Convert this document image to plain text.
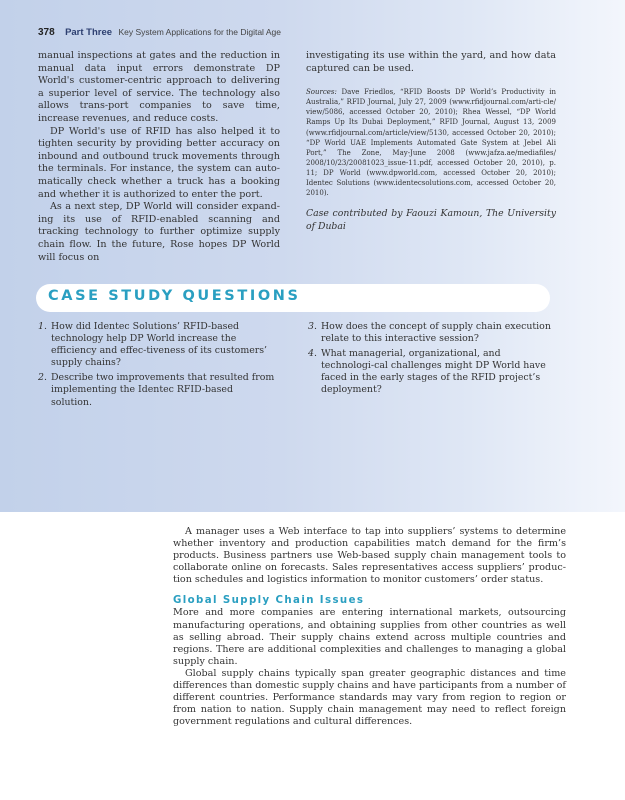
378 Part Three Key System Applications for the Digital Age

manual inspections at gates and the reduction in manual data input errors demonstrate DP World's customer-centric approach to delivering a superior level of service. The technology also allows trans-port companies to save time, increase revenues, and reduce costs.

DP World's use of RFID has also helped it to tighten security by providing better accuracy on inbound and outbound truck movements through the terminals. For instance, the system can auto-matically check whether a truck has a booking and whether it is authorized to enter the port.

As a next step, DP World will consider expand-ing its use of RFID-enabled scanning and tracking technology to further optimize supply chain flow. In the future, Rose hopes DP World will focus on

investigating its use within the yard, and how data captured can be used.

Sources: Dave Friedlos, “RFID Boosts DP World’s Productivity in Australia,” RFID Journal, July 27, 2009 (www.rfidjournal.com/arti-cle/ view/5086, accessed October 20, 2010); Rhea Wessel, “DP World Ramps Up Its Dubai Deployment,” RFID Journal, August 13, 2009 (www.rfidjournal.com/article/view/5130, accessed October 20, 2010); “DP World UAE Implements Automated Gate System at Jebel Ali Port,” The Zone, May-June 2008 (www.jafza.ae/mediafiles/ 2008/10/23/20081023_issue-11.pdf, accessed October 20, 2010), p. 11; DP World (www.dpworld.com, accessed October 20, 2010); Identec Solutions (www.identecsolutions.com, accessed October 20, 2010).

Case contributed by Faouzi Kamoun, The University of Dubai

CASE STUDY QUESTIONS
1. How did Identec Solutions’ RFID-based technology help DP World increase the efficiency and effec-tiveness of its customers’ supply chains?
2. Describe two improvements that resulted from implementing the Identec RFID-based solution.
3. How does the concept of supply chain execution relate to this interactive session?
4. What managerial, organizational, and technologi-cal challenges might DP World have faced in the early stages of the RFID project’s deployment?

A manager uses a Web interface to tap into suppliers’ systems to determine whether inventory and production capabilities match demand for the firm’s products. Business partners use Web-based supply chain management tools to collaborate online on forecasts. Sales representatives access suppliers’ produc-tion schedules and logistics information to monitor customers’ order status.

Global Supply Chain Issues

More and more companies are entering international markets, outsourcing manufacturing operations, and obtaining supplies from other countries as well as selling abroad. Their supply chains extend across multiple countries and regions. There are additional complexities and challenges to managing a global supply chain.

Global supply chains typically span greater geographic distances and time differences than domestic supply chains and have participants from a number of different countries. Performance standards may vary from region to region or from nation to nation. Supply chain management may need to reflect foreign government regulations and cultural differences.
